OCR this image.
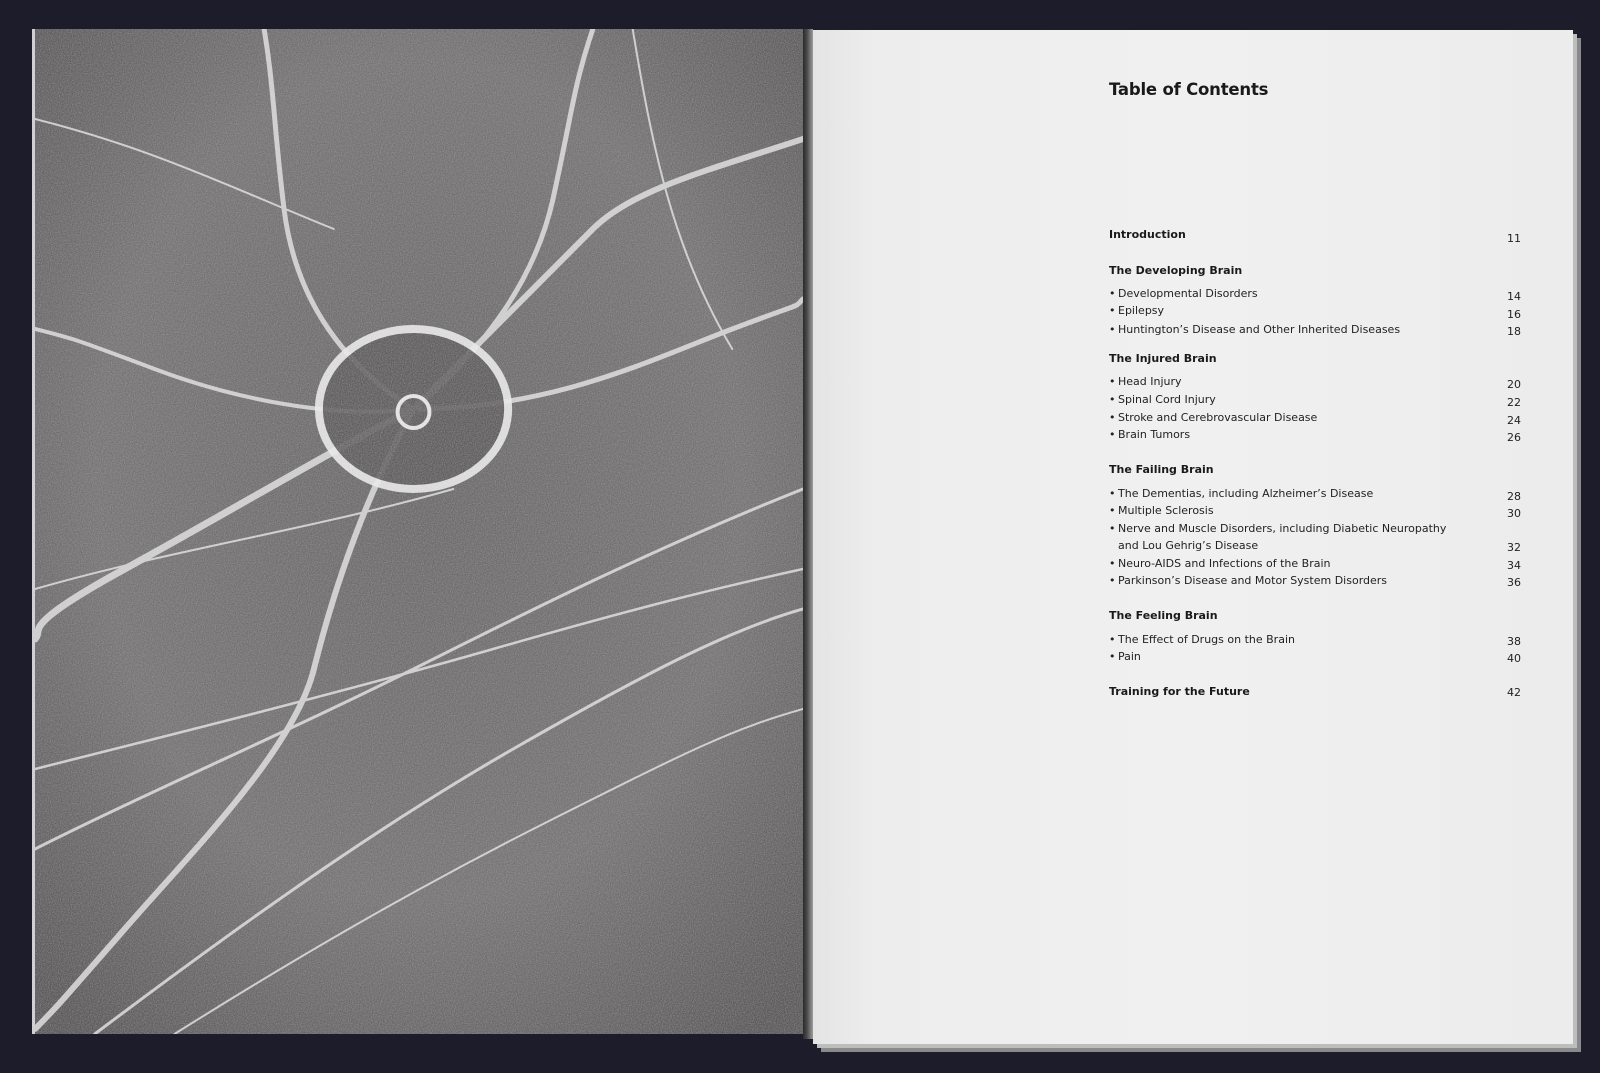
Table of Contents
Introduction	11
The Developing Brain
• Developmental Disorders	14
• Epilepsy	16
• Huntington’s Disease and Other Inherited Diseases	18
The Injured Brain
• Head Injury	20
• Spinal Cord Injury	22
• Stroke and Cerebrovascular Disease	24
• Brain Tumors	26
The Failing Brain
• The Dementias, including Alzheimer’s Disease	28
• Multiple Sclerosis	30
• Nerve and Muscle Disorders, including Diabetic Neuropathy
and Lou Gehrig’s Disease	32
• Neuro-AIDS and Infections of the Brain	34
• Parkinson’s Disease and Motor System Disorders	36
The Feeling Brain
• The Effect of Drugs on the Brain	38
• Pain	40
Training for the Future	42
